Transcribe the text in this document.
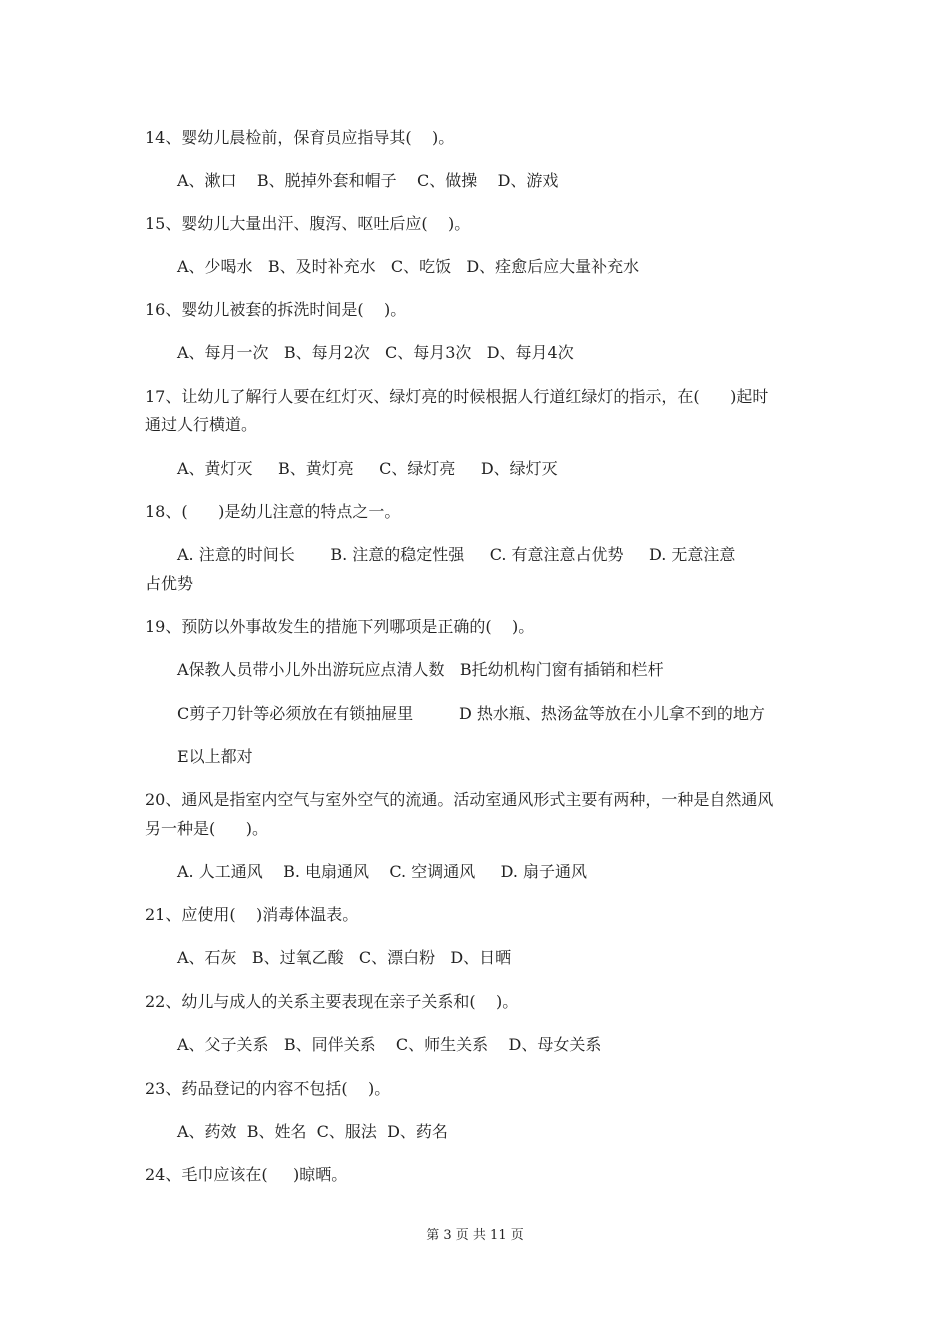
14、婴幼儿晨检前，保育员应指导其(    )。
A、漱口    B、脱掉外套和帽子    C、做操    D、游戏
15、婴幼儿大量出汗、腹泻、呕吐后应(    )。
A、少喝水   B、及时补充水   C、吃饭   D、痊愈后应大量补充水
16、婴幼儿被套的拆洗时间是(    )。
A、每月一次   B、每月2次   C、每月3次   D、每月4次
17、让幼儿了解行人要在红灯灭、绿灯亮的时候根据人行道红绿灯的指示，在(      )起时
通过人行横道。
A、黄灯灭     B、黄灯亮     C、绿灯亮     D、绿灯灭
18、(      )是幼儿注意的特点之一。
A. 注意的时间长       B. 注意的稳定性强     C. 有意注意占优势     D. 无意注意
占优势
19、预防以外事故发生的措施下列哪项是正确的(    )。
A保教人员带小儿外出游玩应点清人数   B托幼机构门窗有插销和栏杆
C剪子刀针等必须放在有锁抽屉里         D 热水瓶、热汤盆等放在小儿拿不到的地方
E以上都对
20、通风是指室内空气与室外空气的流通。活动室通风形式主要有两种，一种是自然通风
另一种是(      )。
A. 人工通风    B. 电扇通风    C. 空调通风     D. 扇子通风
21、应使用(    )消毒体温表。
A、石灰   B、过氧乙酸   C、漂白粉   D、日晒
22、幼儿与成人的关系主要表现在亲子关系和(    )。
A、父子关系   B、同伴关系    C、师生关系    D、母女关系
23、药品登记的内容不包括(    )。
A、药效  B、姓名  C、服法  D、药名
24、毛巾应该在(     )晾晒。
第 3 页 共 11 页
